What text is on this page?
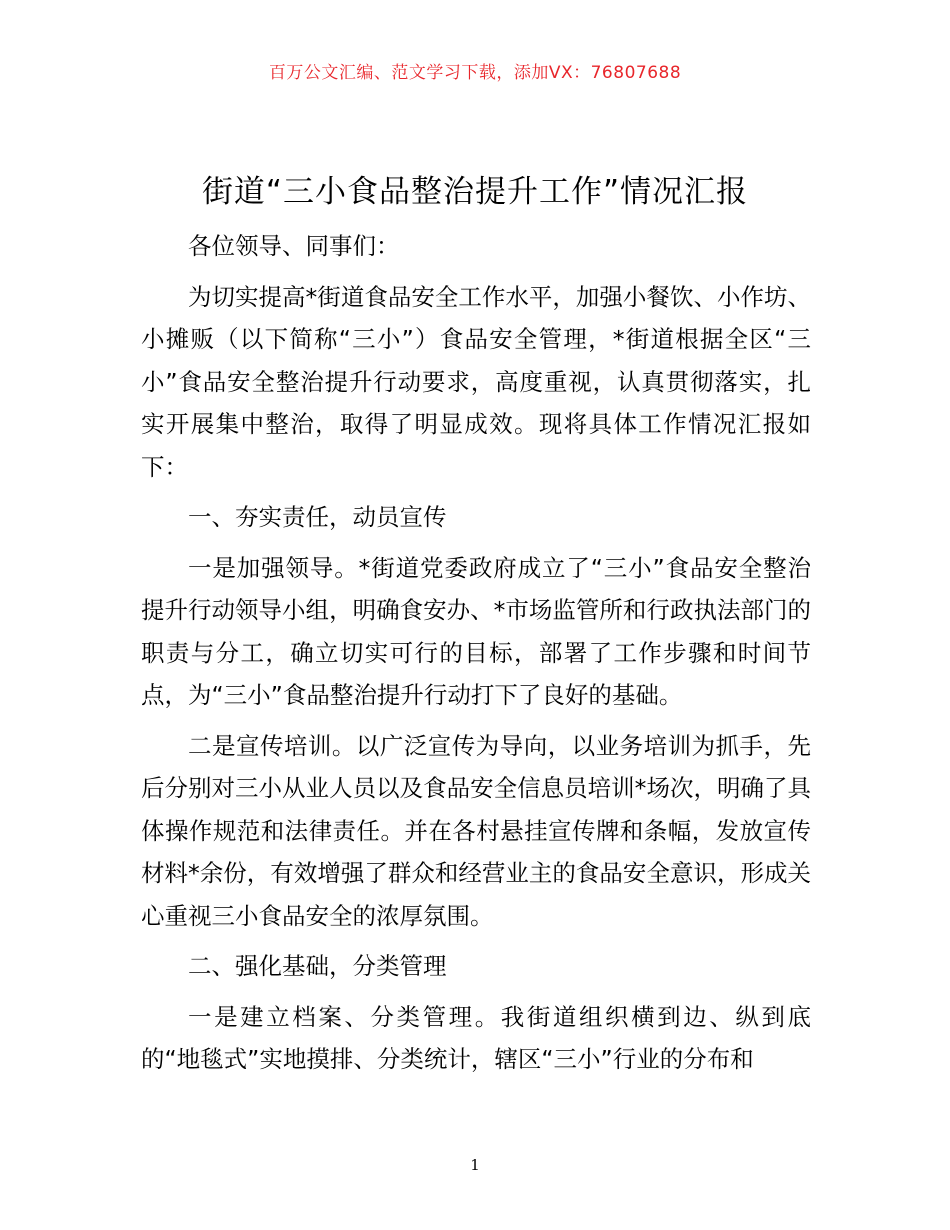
百万公文汇编、范文学习下载，添加VX：76807688
街道“三小食品整治提升工作”情况汇报

各位领导、同事们：

为切实提高*街道食品安全工作水平，加强小餐饮、小作坊、小摊贩（以下简称“三小”）食品安全管理，*街道根据全区“三小”食品安全整治提升行动要求，高度重视，认真贯彻落实，扎实开展集中整治，取得了明显成效。现将具体工作情况汇报如下：

一、夯实责任，动员宣传

一是加强领导。*街道党委政府成立了“三小”食品安全整治提升行动领导小组，明确食安办、*市场监管所和行政执法部门的职责与分工，确立切实可行的目标，部署了工作步骤和时间节点，为“三小”食品整治提升行动打下了良好的基础。

二是宣传培训。以广泛宣传为导向，以业务培训为抓手，先后分别对三小从业人员以及食品安全信息员培训*场次，明确了具体操作规范和法律责任。并在各村悬挂宣传牌和条幅，发放宣传材料*余份，有效增强了群众和经营业主的食品安全意识，形成关心重视三小食品安全的浓厚氛围。

二、强化基础，分类管理

一是建立档案、分类管理。我街道组织横到边、纵到底的“地毯式”实地摸排、分类统计，辖区“三小”行业的分布和

1
